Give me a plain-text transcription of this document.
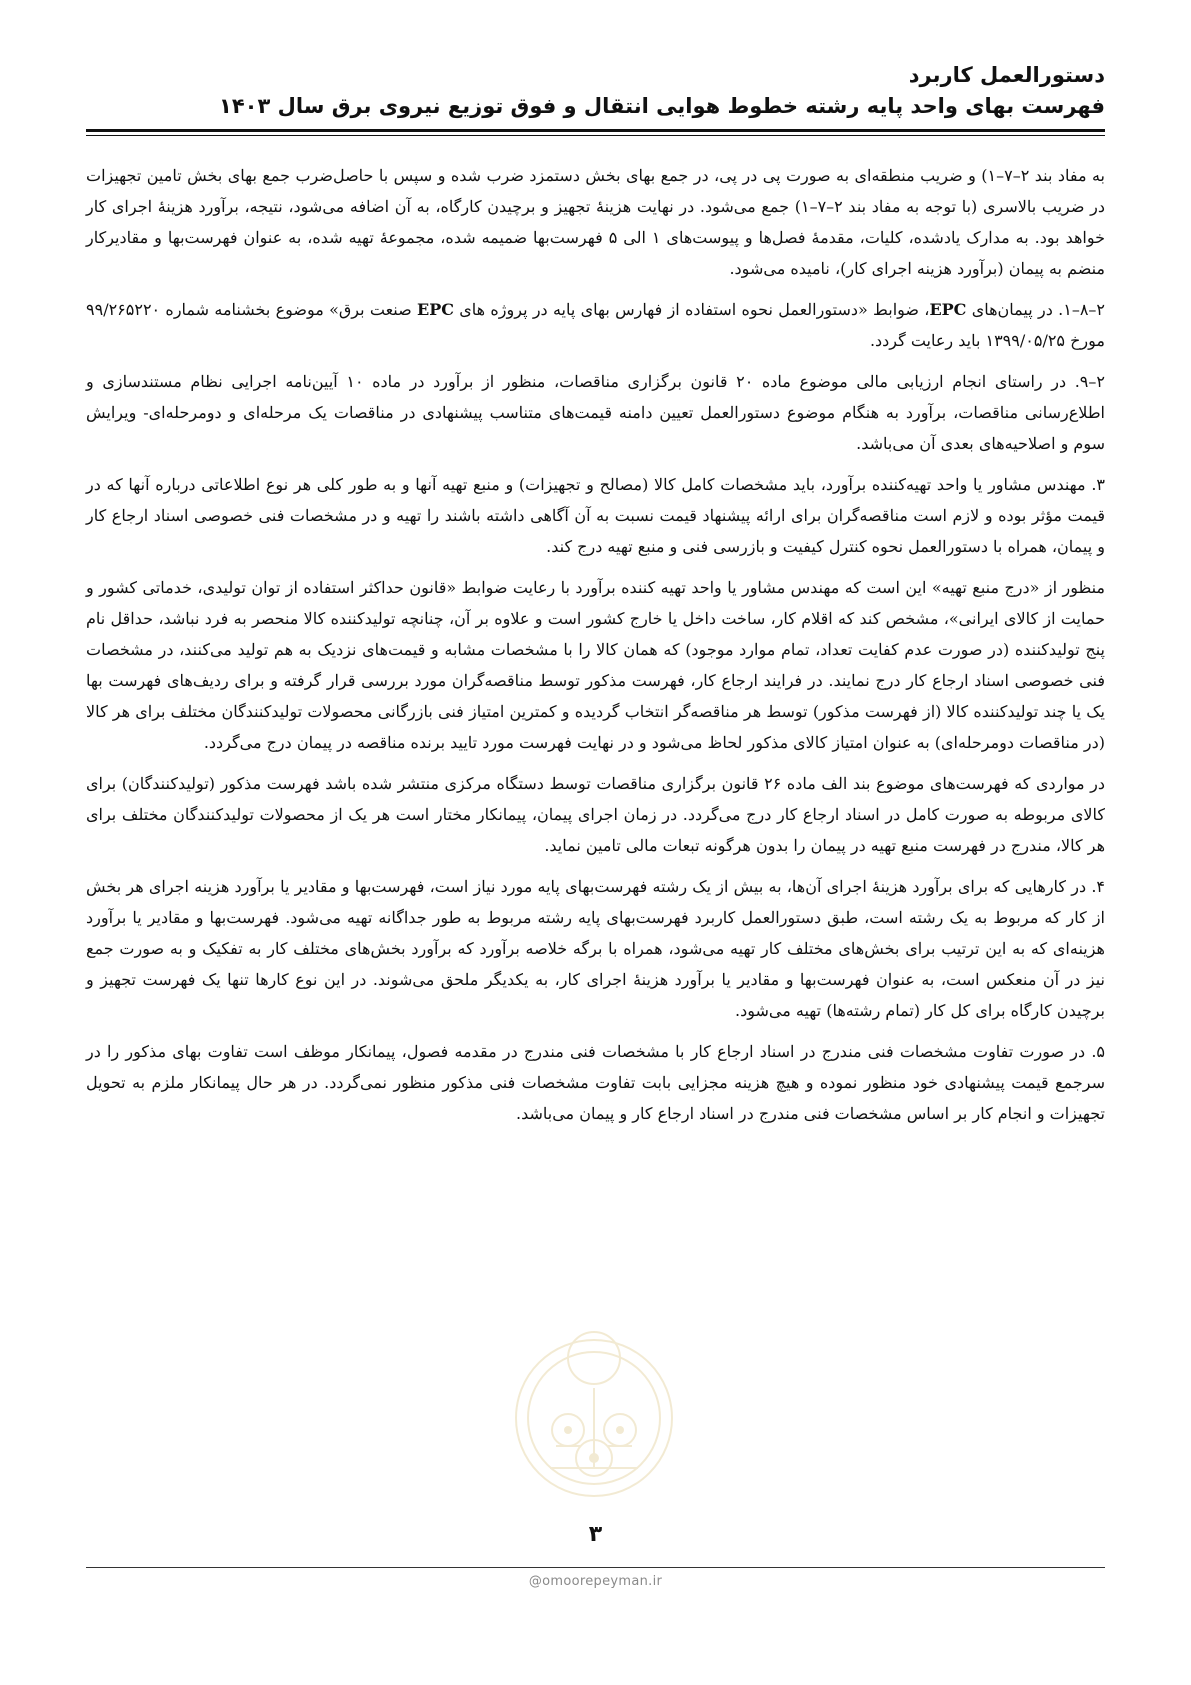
دستورالعمل کاربرد

فهرست بهای واحد پایه رشته خطوط هوایی انتقال و فوق توزیع نیروی برق سال ۱۴۰۳

به مفاد بند ۲–۷–۱) و ضریب منطقه‌ای به صورت پی در پی، در جمع بهای بخش دستمزد ضرب شده و سپس با حاصل‌ضرب جمع بهای بخش تامین تجهیزات در ضریب بالاسری (با توجه به مفاد بند ۲–۷–۱) جمع می‌شود. در نهایت هزینهٔ تجهیز و برچیدن کارگاه، به آن اضافه می‌شود، نتیجه، برآورد هزینهٔ اجرای کار خواهد بود. به مدارک یادشده، کلیات، مقدمهٔ فصل‌ها و پیوست‌های ۱ الی ۵ فهرست‌بها ضمیمه شده، مجموعهٔ تهیه شده، به عنوان فهرست‌بها و مقادیرکار منضم به پیمان (برآورد هزینه اجرای کار)، نامیده می‌شود.

۲–۸–۱. در پیمان‌های EPC، ضوابط «دستورالعمل نحوه استفاده از فهارس بهای پایه در پروژه های EPC صنعت برق» موضوع بخشنامه شماره ۹۹/۲۶۵۲۲۰ مورخ ۱۳۹۹/۰۵/۲۵ باید رعایت گردد.

۲–۹. در راستای انجام ارزیابی مالی موضوع ماده ۲۰ قانون برگزاری مناقصات، منظور از برآورد در ماده ۱۰ آیین‌نامه اجرایی نظام مستندسازی و اطلاع‌رسانی مناقصات، برآورد به هنگام موضوع دستورالعمل تعیین دامنه قیمت‌های متناسب پیشنهادی در مناقصات یک مرحله‌ای و دومرحله‌ای- ویرایش سوم و اصلاحیه‌های بعدی آن می‌باشد.

۳. مهندس مشاور یا واحد تهیه‌کننده برآورد، باید مشخصات کامل کالا (مصالح و تجهیزات) و منبع تهیه آنها و به طور کلی هر نوع اطلاعاتی درباره آنها که در قیمت مؤثر بوده و لازم است مناقصه‌گران برای ارائه پیشنهاد قیمت نسبت به آن آگاهی داشته باشند را تهیه و در مشخصات فنی خصوصی اسناد ارجاع کار و پیمان، همراه با دستورالعمل نحوه کنترل کیفیت و بازرسی فنی و منبع تهیه درج کند.

منظور از «درج منبع تهیه» این است که مهندس مشاور یا واحد تهیه کننده برآورد با رعایت ضوابط «قانون حداکثر استفاده از توان تولیدی، خدماتی کشور و حمایت از کالای ایرانی»، مشخص کند که اقلام کار، ساخت داخل یا خارج کشور است و علاوه بر آن، چنانچه تولیدکننده کالا منحصر به فرد نباشد، حداقل نام پنج تولیدکننده (در صورت عدم کفایت تعداد، تمام موارد موجود) که همان کالا را با مشخصات مشابه و قیمت‌های نزدیک به هم تولید می‌کنند، در مشخصات فنی خصوصی اسناد ارجاع کار درج نمایند. در فرایند ارجاع کار، فهرست مذکور توسط مناقصه‌گران مورد بررسی قرار گرفته و برای ردیف‌های فهرست بها یک یا چند تولیدکننده کالا (از فهرست مذکور) توسط هر مناقصه‌گر انتخاب گردیده و کمترین امتیاز فنی بازرگانی محصولات تولیدکنندگان مختلف برای هر کالا (در مناقصات دومرحله‌ای) به عنوان امتیاز کالای مذکور لحاظ می‌شود و در نهایت فهرست مورد تایید برنده مناقصه در پیمان درج می‌گردد.

در مواردی که فهرست‌های موضوع بند الف ماده ۲۶ قانون برگزاری مناقصات توسط دستگاه مرکزی منتشر شده باشد فهرست مذکور (تولیدکنندگان) برای کالای مربوطه به صورت کامل در اسناد ارجاع کار درج می‌گردد. در زمان اجرای پیمان، پیمانکار مختار است هر یک از محصولات تولیدکنندگان مختلف برای هر کالا، مندرج در فهرست منبع تهیه در پیمان را بدون هرگونه تبعات مالی تامین نماید.

۴. در کارهایی که برای برآورد هزینهٔ اجرای آن‌ها، به بیش از یک رشته فهرست‌بهای پایه مورد نیاز است، فهرست‌بها و مقادیر یا برآورد هزینه اجرای هر بخش از کار که مربوط به یک رشته است، طبق دستورالعمل کاربرد فهرست‌بهای پایه رشته مربوط به طور جداگانه تهیه می‌شود. فهرست‌بها و مقادیر یا برآورد هزینه‌ای که به این ترتیب برای بخش‌های مختلف کار تهیه می‌شود، همراه با برگه خلاصه برآورد که برآورد بخش‌های مختلف کار به تفکیک و به صورت جمع نیز در آن منعکس است، به عنوان فهرست‌بها و مقادیر یا برآورد هزینهٔ اجرای کار، به یکدیگر ملحق می‌شوند. در این نوع کارها تنها یک فهرست تجهیز و برچیدن کارگاه برای کل کار (تمام رشته‌ها) تهیه می‌شود.

۵. در صورت تفاوت مشخصات فنی مندرج در اسناد ارجاع کار با مشخصات فنی مندرج در مقدمه فصول، پیمانکار موظف است تفاوت بهای مذکور را در سرجمع قیمت پیشنهادی خود منظور نموده و هیچ هزینه مجزایی بابت تفاوت مشخصات فنی مذکور منظور نمی‌گردد. در هر حال پیمانکار ملزم به تحویل تجهیزات و انجام کار بر اساس مشخصات فنی مندرج در اسناد ارجاع کار و پیمان می‌باشد.

۳
@omoorepeyman.ir
